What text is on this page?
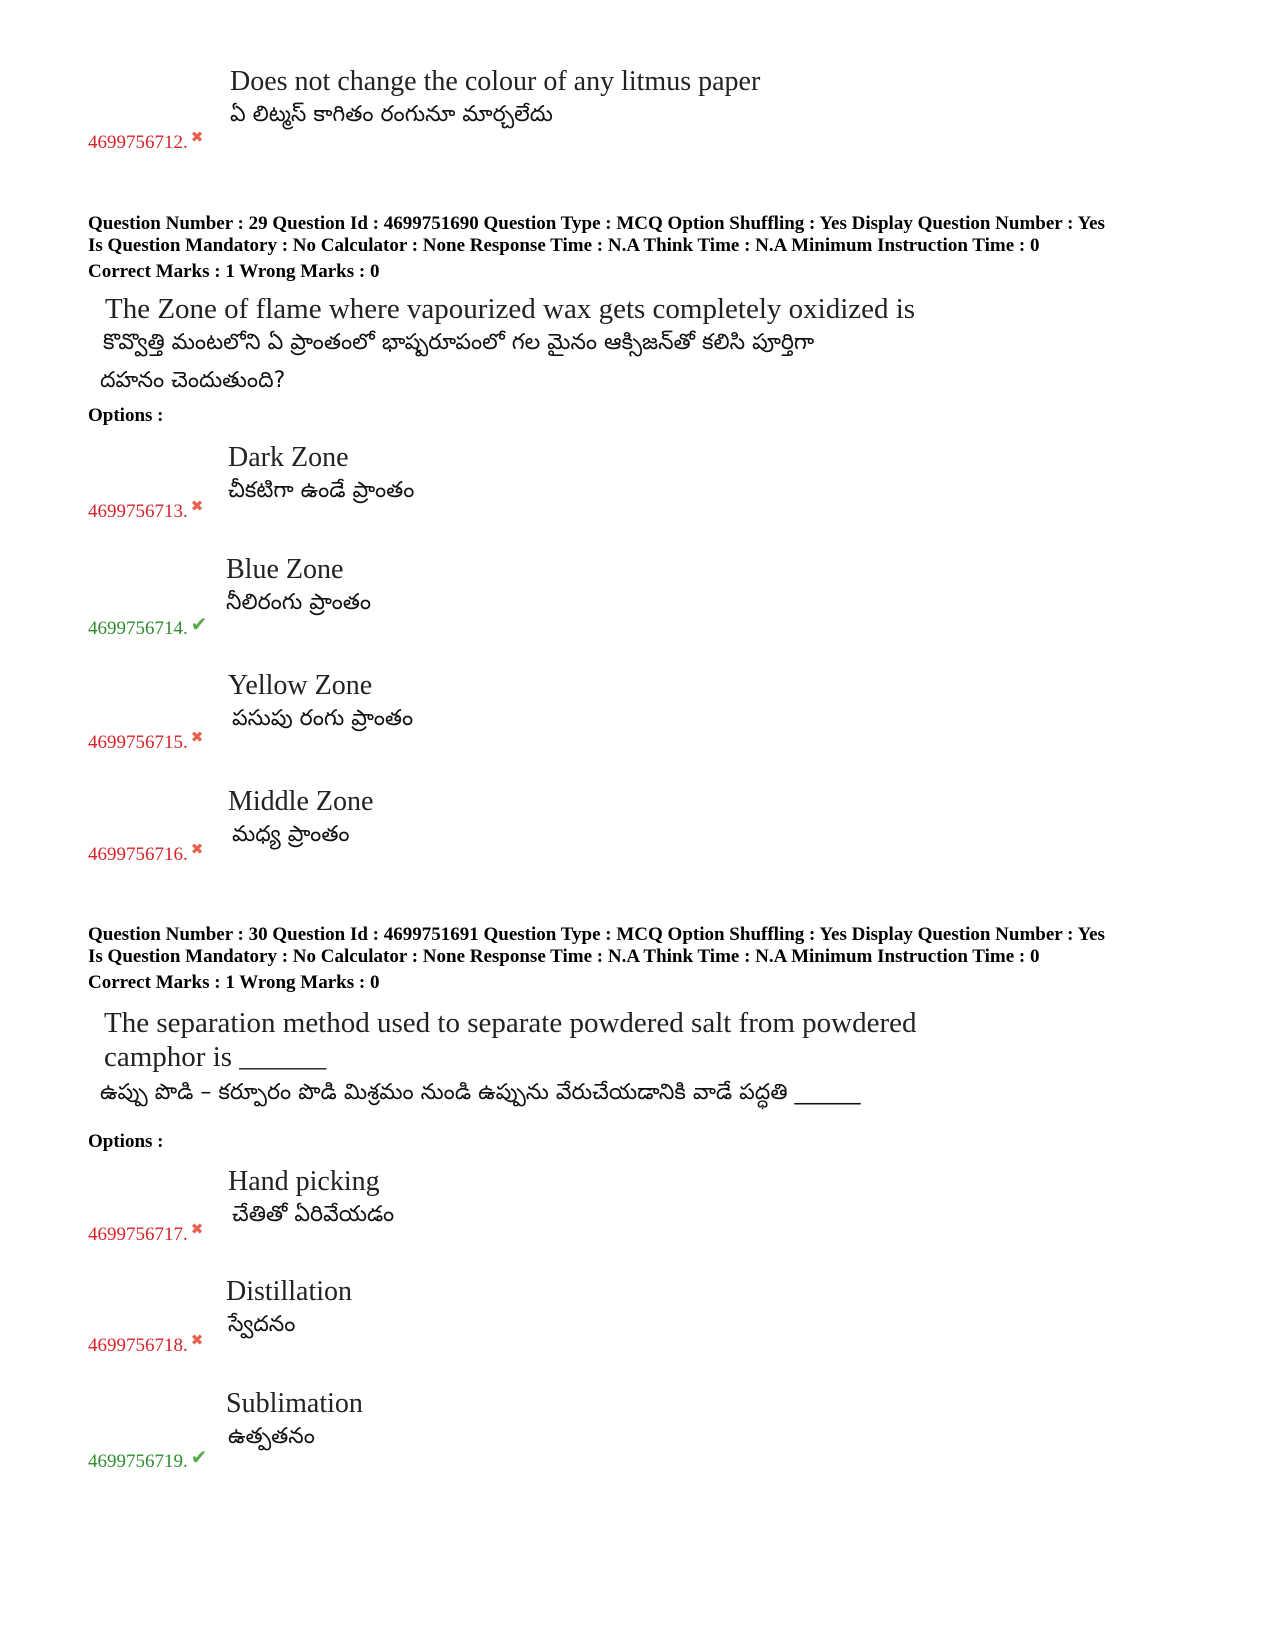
Does not change the colour of any litmus paper
ఏ లిట్మస్ కాగితం రంగునూ మార్చలేదు
4699756712. ✖
Question Number : 29 Question Id : 4699751690 Question Type : MCQ Option Shuffling : Yes Display Question Number : Yes
Is Question Mandatory : No Calculator : None Response Time : N.A Think Time : N.A Minimum Instruction Time : 0
Correct Marks : 1 Wrong Marks : 0
The Zone of flame where vapourized wax gets completely oxidized is
కొవ్వొత్తి మంటలోని ఏ ప్రాంతంలో భాష్పరూపంలో గల మైనం ఆక్సిజన్‌తో కలిసి పూర్తిగా
దహనం చెందుతుంది?
Options :
Dark Zone
చీకటిగా ఉండే ప్రాంతం
4699756713. ✖
Blue Zone
నీలిరంగు ప్రాంతం
4699756714. ✔
Yellow Zone
పసుపు రంగు ప్రాంతం
4699756715. ✖
Middle Zone
మధ్య ప్రాంతం
4699756716. ✖
Question Number : 30 Question Id : 4699751691 Question Type : MCQ Option Shuffling : Yes Display Question Number : Yes
Is Question Mandatory : No Calculator : None Response Time : N.A Think Time : N.A Minimum Instruction Time : 0
Correct Marks : 1 Wrong Marks : 0
The separation method used to separate powdered salt from powdered
camphor is ______
ఉప్పు పొడి – కర్పూరం పొడి మిశ్రమం నుండి ఉప్పును వేరుచేయడానికి వాడే పద్ధతి ______
Options :
Hand picking
చేతితో ఏరివేయడం
4699756717. ✖
Distillation
స్వేదనం
4699756718. ✖
Sublimation
ఉత్పతనం
4699756719. ✔
